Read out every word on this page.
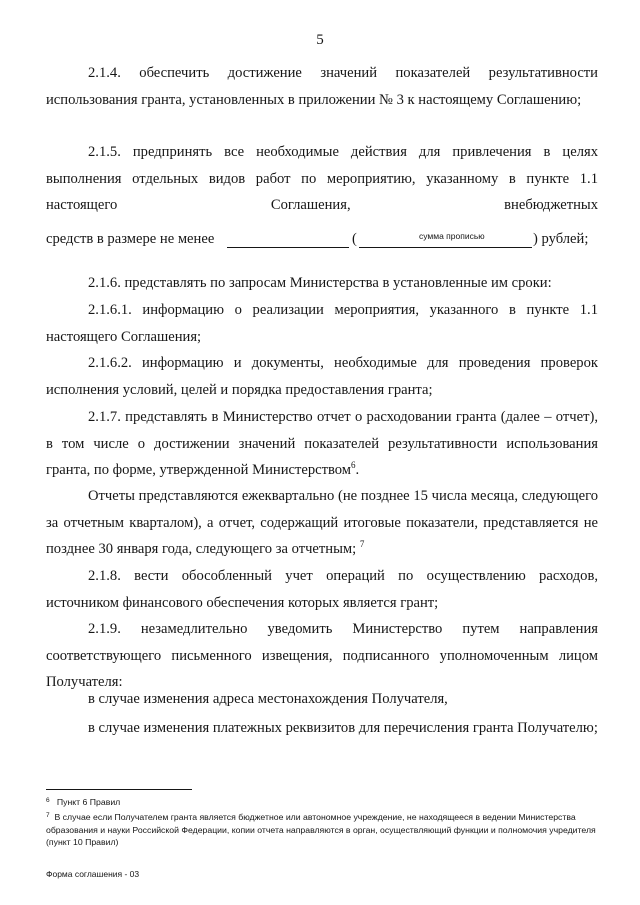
5

2.1.4. обеспечить достижение значений показателей результативности использования гранта, установленных в приложении № 3 к настоящему Соглашению;

2.1.5. предпринять все необходимые действия для привлечения в целях выполнения отдельных видов работ по мероприятию, указанному в пункте 1.1 настоящего Соглашения, внебюджетных

средств в размере не менее	(	) рублей;
сумма прописью

2.1.6. представлять по запросам Министерства в установленные им сроки:

2.1.6.1. информацию о реализации мероприятия, указанного в пункте 1.1 настоящего Соглашения;

2.1.6.2. информацию и документы, необходимые для проведения проверок исполнения условий, целей и порядка предоставления гранта;

2.1.7. представлять в Министерство отчет о расходовании гранта (далее – отчет), в том числе о достижении значений показателей результативности использования гранта, по форме, утвержденной Министерством$^6$.

Отчеты представляются ежеквартально (не позднее 15 числа месяца, следующего за отчетным кварталом), а отчет, содержащий итоговые показатели, представляется не позднее 30 января года, следующего за отчетным; $^7$

2.1.8. вести обособленный учет операций по осуществлению расходов, источником финансового обеспечения которых является грант;

2.1.9. незамедлительно уведомить Министерство путем направления соответствующего письменного извещения, подписанного уполномоченным лицом Получателя:

в случае изменения адреса местонахождения Получателя,

в случае изменения платежных реквизитов для перечисления гранта Получателю;

$^6$ Пункт 6 Правил

$^7$ В случае если Получателем гранта является бюджетное или автономное учреждение, не находящееся в ведении Министерства образования и науки Российской Федерации, копии отчета направляются в орган, осуществляющий функции и полномочия учредителя (пункт 10 Правил)

Форма соглашения - 03
